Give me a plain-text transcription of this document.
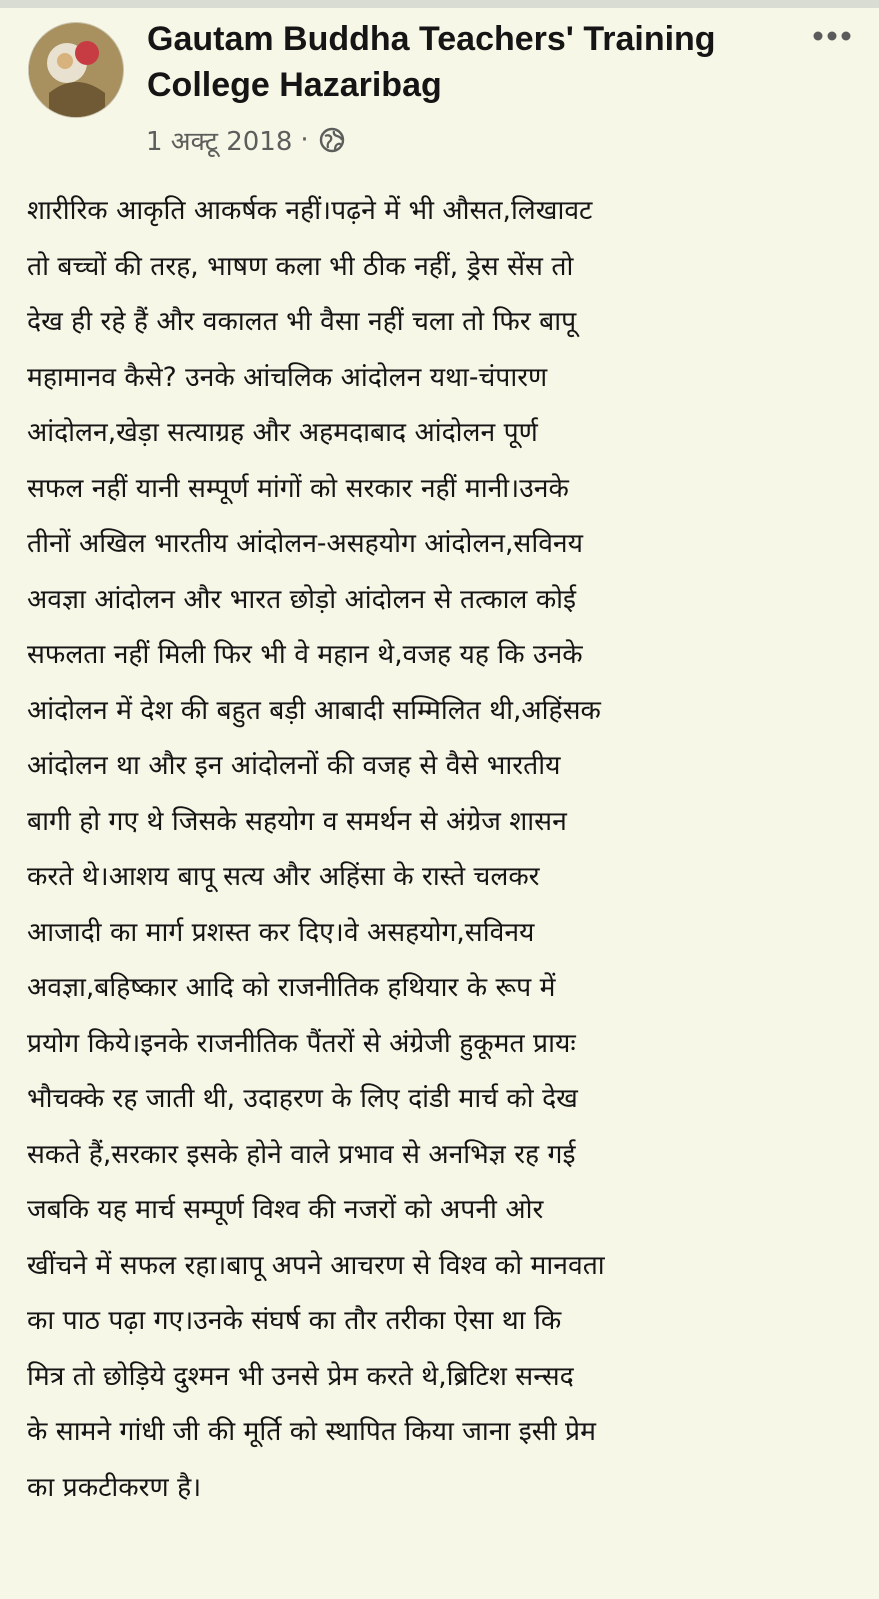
Gautam Buddha Teachers' Training
College Hazaribag
1 अक्टू 2018 ·
शारीरिक आकृति आकर्षक नहीं।पढ़ने में भी औसत,लिखावट
तो बच्चों की तरह, भाषण कला भी ठीक नहीं, ड्रेस सेंस तो
देख ही रहे हैं और वकालत भी वैसा नहीं चला तो फिर बापू
महामानव कैसे? उनके आंचलिक आंदोलन यथा-चंपारण
आंदोलन,खेड़ा सत्याग्रह और अहमदाबाद आंदोलन पूर्ण
सफल नहीं यानी सम्पूर्ण मांगों को सरकार नहीं मानी।उनके
तीनों अखिल भारतीय आंदोलन-असहयोग आंदोलन,सविनय
अवज्ञा आंदोलन और भारत छोड़ो आंदोलन से तत्काल कोई
सफलता नहीं मिली फिर भी वे महान थे,वजह यह कि उनके
आंदोलन में देश की बहुत बड़ी आबादी सम्मिलित थी,अहिंसक
आंदोलन था और इन आंदोलनों की वजह से वैसे भारतीय
बागी हो गए थे जिसके सहयोग व समर्थन से अंग्रेज शासन
करते थे।आशय बापू सत्य और अहिंसा के रास्ते चलकर
आजादी का मार्ग प्रशस्त कर दिए।वे असहयोग,सविनय
अवज्ञा,बहिष्कार आदि को राजनीतिक हथियार के रूप में
प्रयोग किये।इनके राजनीतिक पैंतरों से अंग्रेजी हुकूमत प्रायः
भौचक्के रह जाती थी, उदाहरण के लिए दांडी मार्च को देख
सकते हैं,सरकार इसके होने वाले प्रभाव से अनभिज्ञ रह गई
जबकि यह मार्च सम्पूर्ण विश्व की नजरों को अपनी ओर
खींचने में सफल रहा।बापू अपने आचरण से विश्व को मानवता
का पाठ पढ़ा गए।उनके संघर्ष का तौर तरीका ऐसा था कि
मित्र तो छोड़िये दुश्मन भी उनसे प्रेम करते थे,ब्रिटिश सन्सद
के सामने गांधी जी की मूर्ति को स्थापित किया जाना इसी प्रेम
का प्रकटीकरण है।
